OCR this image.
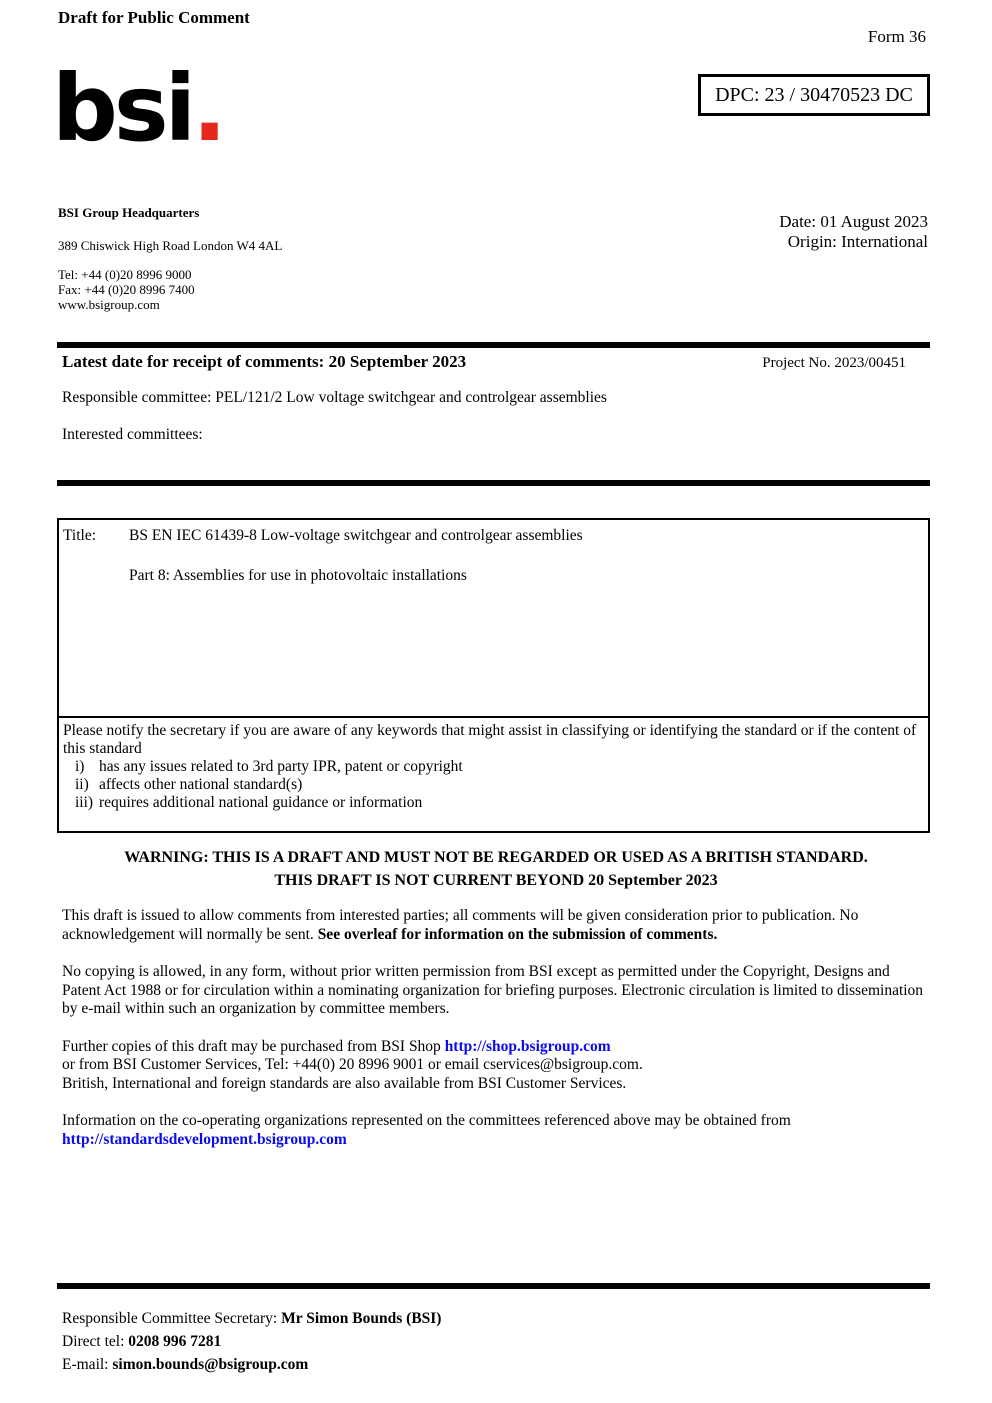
Draft for Public Comment
Form 36
DPC: 23 / 30470523 DC
bsi.
BSI Group Headquarters
389 Chiswick High Road London W4 4AL
Tel: +44 (0)20 8996 9000
Fax: +44 (0)20 8996 7400
www.bsigroup.com
Date: 01 August 2023
Origin: International
Latest date for receipt of comments: 20 September 2023	Project No. 2023/00451
Responsible committee: PEL/121/2 Low voltage switchgear and controlgear assemblies
Interested committees:
Title: BS EN IEC 61439-8 Low-voltage switchgear and controlgear assemblies
Part 8: Assemblies for use in photovoltaic installations
Please notify the secretary if you are aware of any keywords that might assist in classifying or identifying the standard or if the content of this standard
i) has any issues related to 3rd party IPR, patent or copyright
ii) affects other national standard(s)
iii) requires additional national guidance or information
WARNING: THIS IS A DRAFT AND MUST NOT BE REGARDED OR USED AS A BRITISH STANDARD.
THIS DRAFT IS NOT CURRENT BEYOND 20 September 2023

This draft is issued to allow comments from interested parties; all comments will be given consideration prior to publication. No acknowledgement will normally be sent. See overleaf for information on the submission of comments.

No copying is allowed, in any form, without prior written permission from BSI except as permitted under the Copyright, Designs and Patent Act 1988 or for circulation within a nominating organization for briefing purposes. Electronic circulation is limited to dissemination by e-mail within such an organization by committee members.

Further copies of this draft may be purchased from BSI Shop http://shop.bsigroup.com
or from BSI Customer Services, Tel: +44(0) 20 8996 9001 or email cservices@bsigroup.com.
British, International and foreign standards are also available from BSI Customer Services.

Information on the co-operating organizations represented on the committees referenced above may be obtained from
http://standardsdevelopment.bsigroup.com

Responsible Committee Secretary: Mr Simon Bounds (BSI)
Direct tel: 0208 996 7281
E-mail: simon.bounds@bsigroup.com
